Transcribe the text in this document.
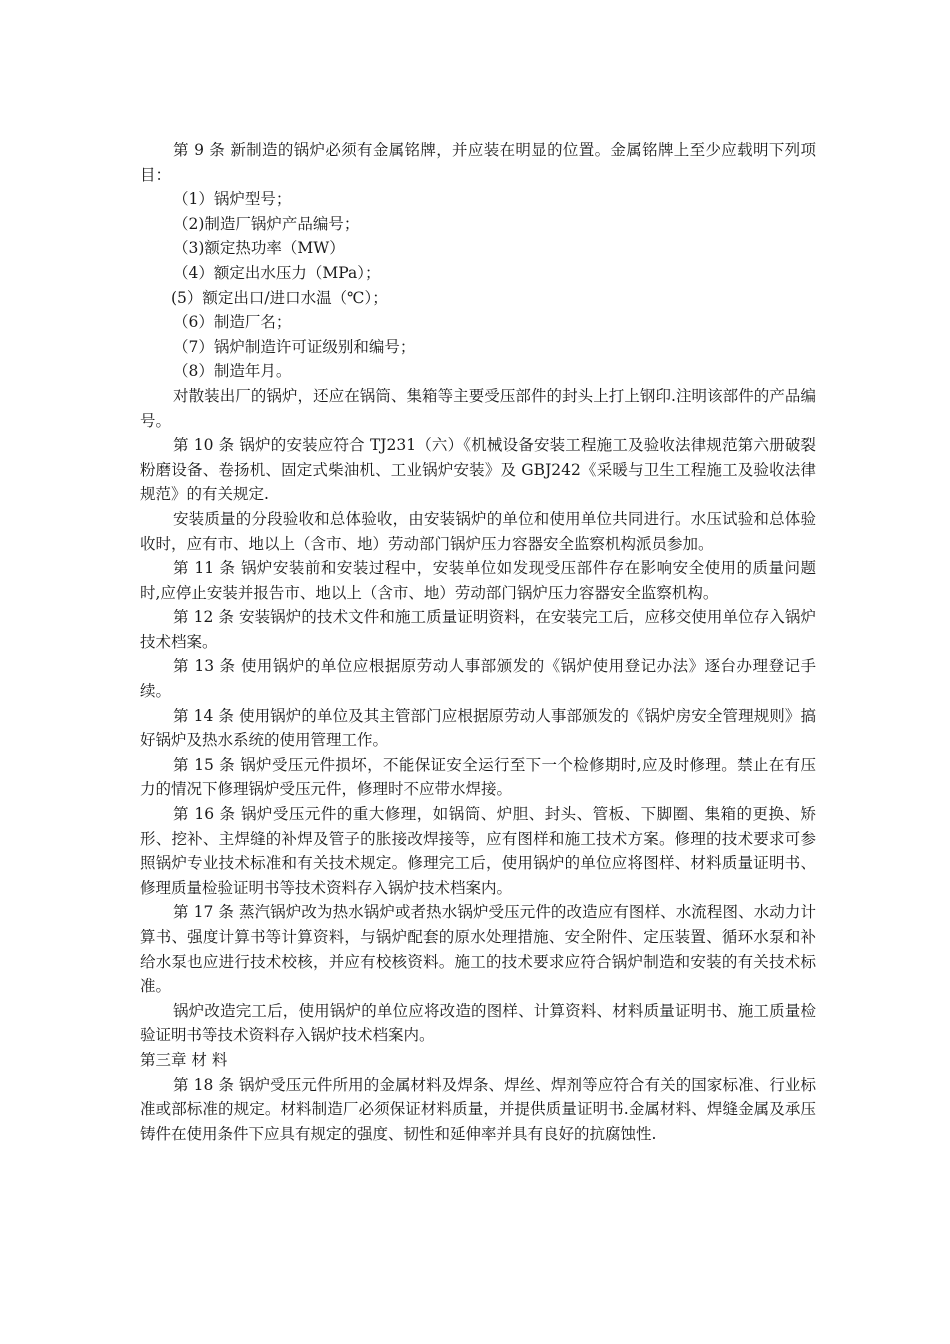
第 9 条 新制造的锅炉必须有金属铭牌，并应装在明显的位置。金属铭牌上至少应载明下列项目：

（1）锅炉型号；

（2)制造厂锅炉产品编号；

（3)额定热功率（MW）

（4）额定出水压力（MPa）；

(5）额定出口/进口水温（℃）；

（6）制造厂名；

（7）锅炉制造许可证级别和编号；

（8）制造年月。

对散装出厂的锅炉，还应在锅筒、集箱等主要受压部件的封头上打上钢印.注明该部件的产品编号。

第 10 条 锅炉的安装应符合 TJ231（六）《机械设备安装工程施工及验收法律规范第六册破裂粉磨设备、卷扬机、固定式柴油机、工业锅炉安装》及 GBJ242《采暖与卫生工程施工及验收法律规范》的有关规定.

安装质量的分段验收和总体验收，由安装锅炉的单位和使用单位共同进行。水压试验和总体验收时，应有市、地以上（含市、地）劳动部门锅炉压力容器安全监察机构派员参加。

第 11 条 锅炉安装前和安装过程中，安装单位如发现受压部件存在影响安全使用的质量问题时,应停止安装并报告市、地以上（含市、地）劳动部门锅炉压力容器安全监察机构。

第 12 条 安装锅炉的技术文件和施工质量证明资料，在安装完工后，应移交使用单位存入锅炉技术档案。

第 13 条 使用锅炉的单位应根据原劳动人事部颁发的《锅炉使用登记办法》逐台办理登记手续。

第 14 条 使用锅炉的单位及其主管部门应根据原劳动人事部颁发的《锅炉房安全管理规则》搞好锅炉及热水系统的使用管理工作。

第 15 条 锅炉受压元件损坏，不能保证安全运行至下一个检修期时,应及时修理。禁止在有压力的情况下修理锅炉受压元件，修理时不应带水焊接。

第 16 条 锅炉受压元件的重大修理，如锅筒、炉胆、封头、管板、下脚圈、集箱的更换、矫形、挖补、主焊缝的补焊及管子的胀接改焊接等，应有图样和施工技术方案。修理的技术要求可参照锅炉专业技术标准和有关技术规定。修理完工后，使用锅炉的单位应将图样、材料质量证明书、修理质量检验证明书等技术资料存入锅炉技术档案内。

第 17 条 蒸汽锅炉改为热水锅炉或者热水锅炉受压元件的改造应有图样、水流程图、水动力计算书、强度计算书等计算资料，与锅炉配套的原水处理措施、安全附件、定压装置、循环水泵和补给水泵也应进行技术校核，并应有校核资料。施工的技术要求应符合锅炉制造和安装的有关技术标准。

锅炉改造完工后，使用锅炉的单位应将改造的图样、计算资料、材料质量证明书、施工质量检验证明书等技术资料存入锅炉技术档案内。

第三章 材 料

第 18 条 锅炉受压元件所用的金属材料及焊条、焊丝、焊剂等应符合有关的国家标准、行业标准或部标准的规定。材料制造厂必须保证材料质量，并提供质量证明书.金属材料、焊缝金属及承压铸件在使用条件下应具有规定的强度、韧性和延伸率并具有良好的抗腐蚀性.
